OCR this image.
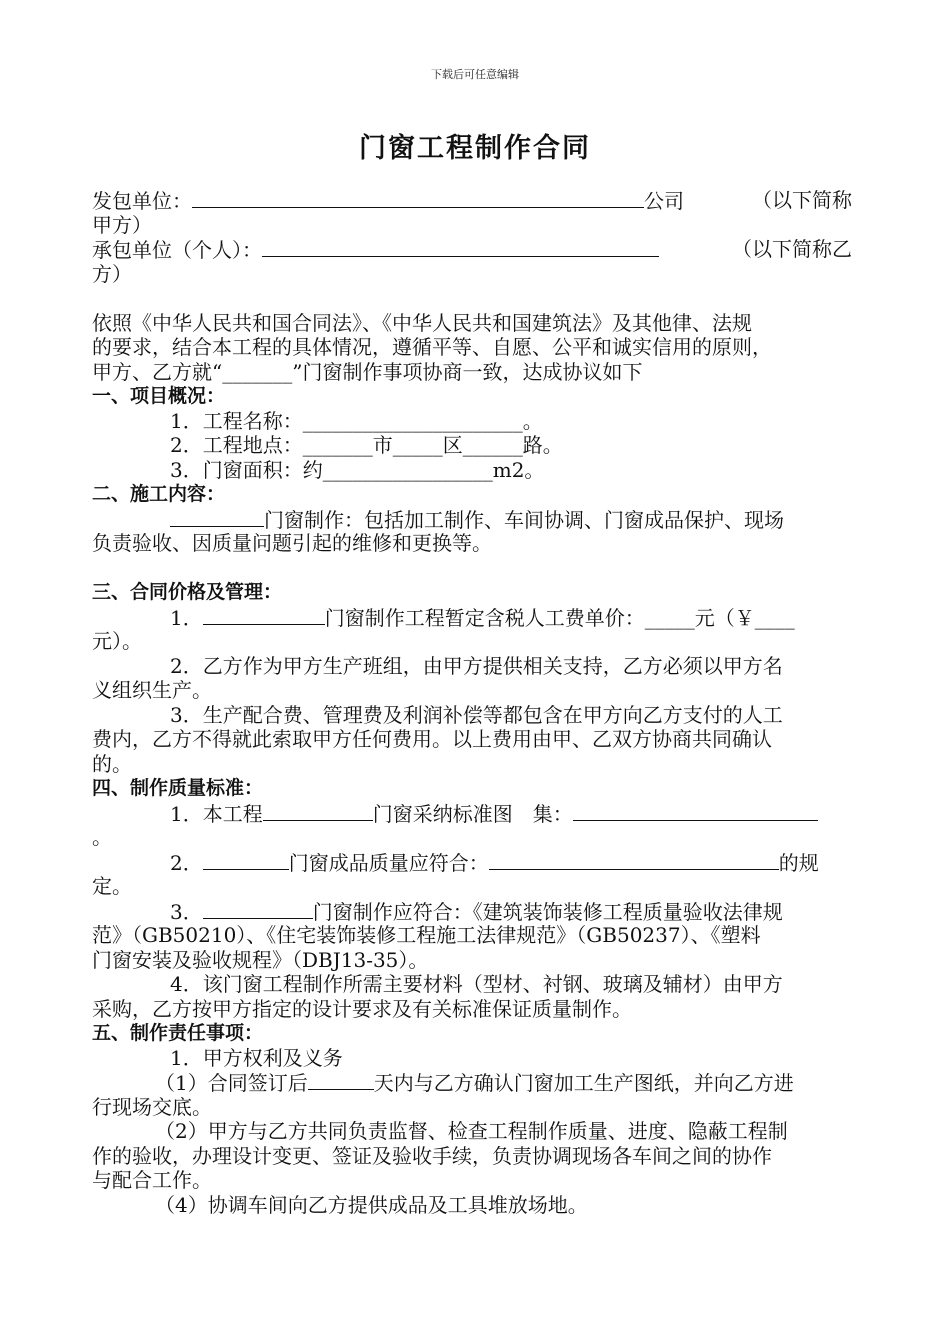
下载后可任意编辑
门窗工程制作合同
发包单位：	公司	（以下简称
甲方）
承包单位（个人）：	（以下简称乙
方）
依照《中华人民共和国合同法》、《中华人民共和国建筑法》及其他律、法规
的要求，结合本工程的具体情况，遵循平等、自愿、公平和诚实信用的原则，
甲方、乙方就“_______”门窗制作事项协商一致，达成协议如下
一、项目概况：
1．工程名称：______________________。
2．工程地点：_______市_____区______路。
3．门窗面积：约_________________m2。
二、施工内容：
门窗制作：包括加工制作、车间协调、门窗成品保护、现场
负责验收、因质量问题引起的维修和更换等。
三、合同价格及管理：
1．	门窗制作工程暂定含税人工费单价：_____元（￥____
元）。
2．乙方作为甲方生产班组，由甲方提供相关支持，乙方必须以甲方名
义组织生产。
3．生产配合费、管理费及利润补偿等都包含在甲方向乙方支付的人工
费内，乙方不得就此索取甲方任何费用。以上费用由甲、乙双方协商共同确认
的。
四、制作质量标准：
1．本工程	门窗采纳标准图　集：
。
2．	门窗成品质量应符合：	的规
定。
3．	门窗制作应符合：《建筑装饰装修工程质量验收法律规
范》（GB50210）、《住宅装饰装修工程施工法律规范》（GB50237）、《塑料
门窗安装及验收规程》（DBJ13-35）。
4．该门窗工程制作所需主要材料（型材、衬钢、玻璃及辅材）由甲方
采购，乙方按甲方指定的设计要求及有关标准保证质量制作。
五、制作责任事项：
1．甲方权利及义务
（1）合同签订后	天内与乙方确认门窗加工生产图纸，并向乙方进
行现场交底。
（2）甲方与乙方共同负责监督、检查工程制作质量、进度、隐蔽工程制
作的验收，办理设计变更、签证及验收手续，负责协调现场各车间之间的协作
与配合工作。
（4）协调车间向乙方提供成品及工具堆放场地。
